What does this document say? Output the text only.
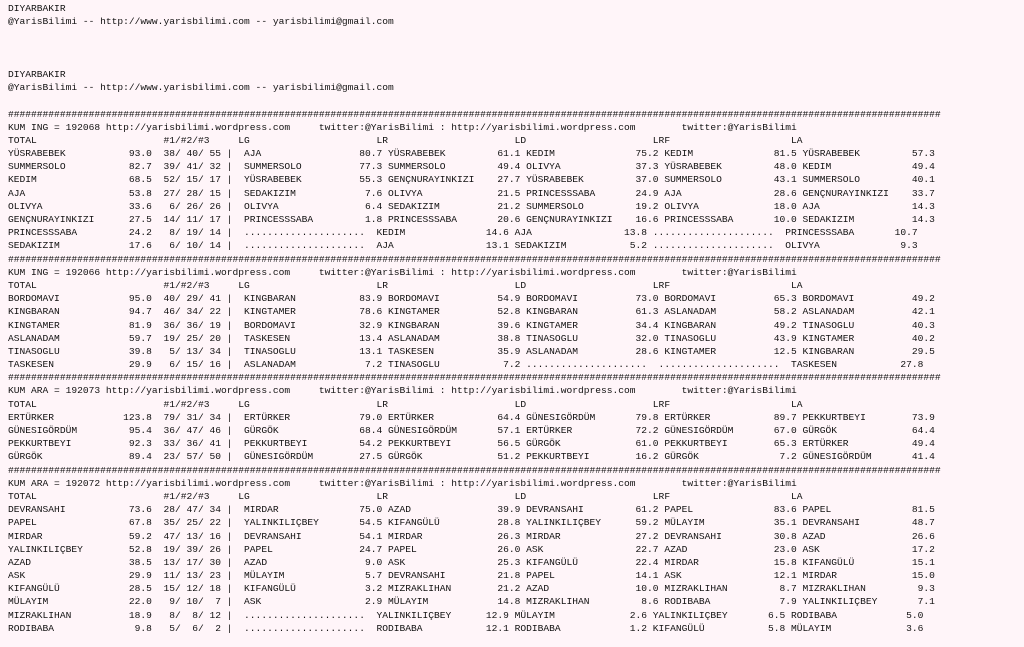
DIYARBAKIR
@YarisBilimi -- http://www.yarisbilimi.com -- yarisbilimi@gmail.com
DIYARBAKIR
@YarisBilimi -- http://www.yarisbilimi.com -- yarisbilimi@gmail.com
##################################################################################################################################################################
KUM ING = 192068 http://yarisbilimi.wordpress.com     twitter:@YarisBilimi : http://yarisbilimi.wordpress.com        twitter:@YarisBilimi
TOTAL                      #1/#2/#3     LG                      LR                      LD                      LRF                     LA
YÜSRABEBEK           93.0  38/ 40/ 55 |  AJA                 80.7 YÜSRABEBEK         61.1 KEDIM              75.2 KEDIM              81.5 YÜSRABEBEK         57.3
SUMMERSOLO           82.7  39/ 41/ 32 |  SUMMERSOLO          77.3 SUMMERSOLO         49.4 OLIVYA             37.3 YÜSRABEBEK         48.0 KEDIM              49.4
KEDIM                68.5  52/ 15/ 17 |  YÜSRABEBEK          55.3 GENÇNURAYINKIZI    27.7 YÜSRABEBEK         37.0 SUMMERSOLO         43.1 SUMMERSOLO         40.1
AJA                  53.8  27/ 28/ 15 |  SEDAKIZIM            7.6 OLIVYA             21.5 PRINCESSSABA       24.9 AJA                28.6 GENÇNURAYINKIZI    33.7
OLIVYA               33.6   6/ 26/ 26 |  OLIVYA               6.4 SEDAKIZIM          21.2 SUMMERSOLO         19.2 OLIVYA             18.0 AJA                14.3
GENÇNURAYINKIZI      27.5  14/ 11/ 17 |  PRINCESSSABA         1.8 PRINCESSSABA       20.6 GENÇNURAYINKIZI    16.6 PRINCESSSABA       10.0 SEDAKIZIM          14.3
PRINCESSSABA         24.2   8/ 19/ 14 |  .....................  KEDIM              14.6 AJA                13.8 .....................  PRINCESSSABA       10.7
SEDAKIZIM            17.6   6/ 10/ 14 |  .....................  AJA                13.1 SEDAKIZIM           5.2 .....................  OLIVYA              9.3
##################################################################################################################################################################
KUM ING = 192066 http://yarisbilimi.wordpress.com     twitter:@YarisBilimi : http://yarisbilimi.wordpress.com        twitter:@YarisBilimi
TOTAL                      #1/#2/#3     LG                      LR                      LD                      LRF                     LA
BORDOMAVI            95.0  40/ 29/ 41 |  KINGBARAN           83.9 BORDOMAVI          54.9 BORDOMAVI          73.0 BORDOMAVI          65.3 BORDOMAVI          49.2
KINGBARAN            94.7  46/ 34/ 22 |  KINGTAMER           78.6 KINGTAMER          52.8 KINGBARAN          61.3 ASLANADAM          58.2 ASLANADAM          42.1
KINGTAMER            81.9  36/ 36/ 19 |  BORDOMAVI           32.9 KINGBARAN          39.6 KINGTAMER          34.4 KINGBARAN          49.2 TINASOGLU          40.3
ASLANADAM            59.7  19/ 25/ 20 |  TASKESEN            13.4 ASLANADAM          38.8 TINASOGLU          32.0 TINASOGLU          43.9 KINGTAMER          40.2
TINASOGLU            39.8   5/ 13/ 34 |  TINASOGLU           13.1 TASKESEN           35.9 ASLANADAM          28.6 KINGTAMER          12.5 KINGBARAN          29.5
TASKESEN             29.9   6/ 15/ 16 |  ASLANADAM            7.2 TINASOGLU           7.2 .....................  .....................  TASKESEN           27.8
##################################################################################################################################################################
KUM ARA = 192073 http://yarisbilimi.wordpress.com     twitter:@YarisBilimi : http://yarisbilimi.wordpress.com        twitter:@YarisBilimi
TOTAL                      #1/#2/#3     LG                      LR                      LD                      LRF                     LA
ERTÜRKER            123.8  79/ 31/ 34 |  ERTÜRKER            79.0 ERTÜRKER           64.4 GÜNESIGÖRDÜM       79.8 ERTÜRKER           89.7 PEKKURTBEYI        73.9
GÜNESIGÖRDÜM         95.4  36/ 47/ 46 |  GÜRGÖK              68.4 GÜNESIGÖRDÜM       57.1 ERTÜRKER           72.2 GÜNESIGÖRDÜM       67.0 GÜRGÖK             64.4
PEKKURTBEYI          92.3  33/ 36/ 41 |  PEKKURTBEYI         54.2 PEKKURTBEYI        56.5 GÜRGÖK             61.0 PEKKURTBEYI        65.3 ERTÜRKER           49.4
GÜRGÖK               89.4  23/ 57/ 50 |  GÜNESIGÖRDÜM        27.5 GÜRGÖK             51.2 PEKKURTBEYI        16.2 GÜRGÖK              7.2 GÜNESIGÖRDÜM       41.4
##################################################################################################################################################################
KUM ARA = 192072 http://yarisbilimi.wordpress.com     twitter:@YarisBilimi : http://yarisbilimi.wordpress.com        twitter:@YarisBilimi
TOTAL                      #1/#2/#3     LG                      LR                      LD                      LRF                     LA
DEVRANSAHI           73.6  28/ 47/ 34 |  MIRDAR              75.0 AZAD               39.9 DEVRANSAHI         61.2 PAPEL              83.6 PAPEL              81.5
PAPEL                67.8  35/ 25/ 22 |  YALINKILIÇBEY       54.5 KIFANGÜLÜ          28.8 YALINKILIÇBEY      59.2 MÜLAYIM            35.1 DEVRANSAHI         48.7
MIRDAR               59.2  47/ 13/ 16 |  DEVRANSAHI          54.1 MIRDAR             26.3 MIRDAR             27.2 DEVRANSAHI         30.8 AZAD               26.6
YALINKILIÇBEY        52.8  19/ 39/ 26 |  PAPEL               24.7 PAPEL              26.0 ASK                22.7 AZAD               23.0 ASK                17.2
AZAD                 38.5  13/ 17/ 30 |  AZAD                 9.0 ASK                25.3 KIFANGÜLÜ          22.4 MIRDAR             15.8 KIFANGÜLÜ          15.1
ASK                  29.9  11/ 13/ 23 |  MÜLAYIM              5.7 DEVRANSAHI         21.8 PAPEL              14.1 ASK                12.1 MIRDAR             15.0
KIFANGÜLÜ            28.5  15/ 12/ 18 |  KIFANGÜLÜ            3.2 MIZRAKLIHAN        21.2 AZAD               10.0 MIZRAKLIHAN         8.7 MIZRAKLIHAN         9.3
MÜLAYIM              22.0   9/ 10/  7 |  ASK                  2.9 MÜLAYIM            14.8 MIZRAKLIHAN         8.6 RODIBABA            7.9 YALINKILIÇBEY       7.1
MIZRAKLIHAN          18.9   8/  8/ 12 |  .....................  YALINKILIÇBEY      12.9 MÜLAYIM             2.6 YALINKILIÇBEY       6.5 RODIBABA            5.0
RODIBABA              9.8   5/  6/  2 |  .....................  RODIBABA           12.1 RODIBABA            1.2 KIFANGÜLÜ           5.8 MÜLAYIM             3.6
